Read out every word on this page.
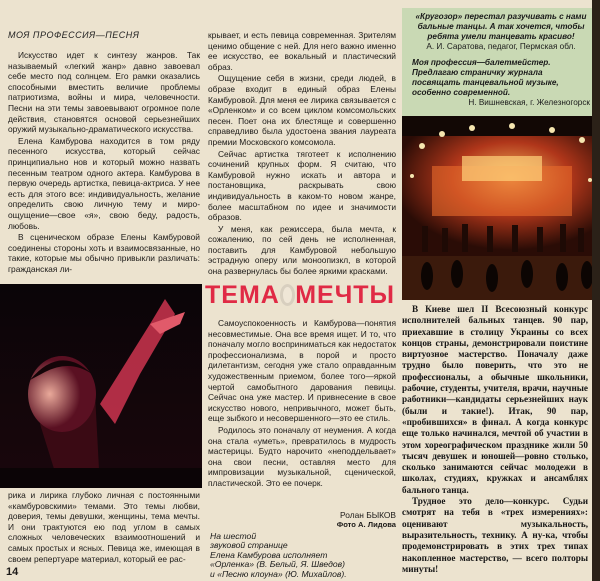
МОЯ ПРОФЕССИЯ—ПЕСНЯ

Искусство идет к синтезу жанров. Так называемый «легкий жанр» давно завоевал себе место под солнцем. Его рамки оказались способными вместить величие проблемы патриотизма, войны и мира, человечности. Песни на эти темы завоевывают огромное поле действия, становятся основой серьезнейших оружий музыкально-драматического искусства.

Елена Камбурова находится в том ряду песенного искусства, который сейчас принципиально нов и который можно назвать песенным театром одного актера. Камбурова в первую очередь артистка, певица-актриса. У нее есть для этого все: индивидуальность, желание определить свою личную тему и миро-ощущение—свое «я», свою беду, радость, любовь.

В сценическом образе Елены Камбуровой соединены стороны хоть и взаимосвязанные, но такие, которые мы обычно привыкли различать: гражданская ли-

рика и лирика глубоко личная с постоянными «камбуровскими» темами. Это темы любви, доверия, темы девушки, женщины, тема мечты. И они трактуются ею под углом в самых сложных человеческих взаимоотношений и самых простых и ясных. Певица же, имеющая в своем репертуаре материал, который ее рас-

14

крывает, и есть певица современная. Зрителям ценимо общение с ней. Для него важно именно ее искусство, ее вокальный и пластический образ.

Ощущение себя в жизни, среди людей, в образе входит в единый образ Елены Камбуровой. Для меня ее лирика связывается с «Орленком» и со всем циклом комсомольских песен. Поет она их блестяще и совершенно справедливо была удостоена звания лауреата премии Московского комсомола.

Сейчас артистка тяготеет к исполнению сочинений крупных форм. Я считаю, что Камбуровой нужно искать и автора и постановщика, раскрывать свою индивидуальность в каком-то новом жанре, более масштабном по идее и значимости образов.

У меня, как режиссера, была мечта, к сожалению, по сей день не исполненная, поставить для Камбуровой небольшую эстрадную оперу или моноопизкл, в которой она развернулась бы более яркими красками.

ТЕМА МЕЧТЫ

Самоуспокоенность и Камбурова—понятия несовместимые. Она все время ищет. И то, что поначалу могло восприниматься как недостаток профессионализма, в порой и просто дилетантизм, сегодня уже стало оправданным художественным приемом, более того—яркой чертой самобытного дарования певицы. Сейчас она уже мастер. И привнесение в свое искусство нового, непривычного, может быть, еще зыбкого и несовершенного—это ее стиль.

Родилось это поначалу от неумения. А когда она стала «уметь», превратилось в мудрость мастерицы. Будто нарочито «неподдельвает» она свои песни, оставляя место для импровизации музыкальной, сценической, пластической. Это ее почерк.

Ролан БЫКОВ
Фото А. Лидова
На шестой
звуковой странице
Елена Камбурова исполняет
«Орленка» (В. Белый, Я. Шведов)
и «Песню клоуна» (Ю. Михайлов).
«Кругозор» перестал разучивать с нами бальные танцы. А так хочется, чтобы ребята умели танцевать красиво!
А. И. Саратова, педагог, Пермская обл.
Моя профессия—балетмейстер. Предлагаю страничку журнала посвящать танцевальной музыке, особенно современной.
Н. Вишневская, г. Железногорск

В Киеве шел II Всесоюзный конкурс исполнителей бальных танцев. 90 пар, приехавшие в столицу Украины со всех концов страны, демонстрировали поистине виртуозное мастерство. Поначалу даже трудно было поверить, что это не профессионалы, а обычные школьники, рабочие, студенты, учителя, врачи, научные работники—кандидаты серьезнейших наук (были и такие!). Итак, 90 пар, «пробившихся» в финал. А когда конкурс еще только начинался, мечтой об участии в этом хореографическом празднике жили 50 тысяч девушек и юношей—ровно столько, сколько занимаются сейчас молодежи в школах, студиях, кружках и ансамблях бального танца.

Трудное это дело—конкурс. Судьи смотрят на тебя в «трех измерениях»: оценивают музыкальность, выразительность, технику. А ну-ка, чтобы продемонстрировать в этих трех типах накопленное мастерство, — всего полторы минуты!
